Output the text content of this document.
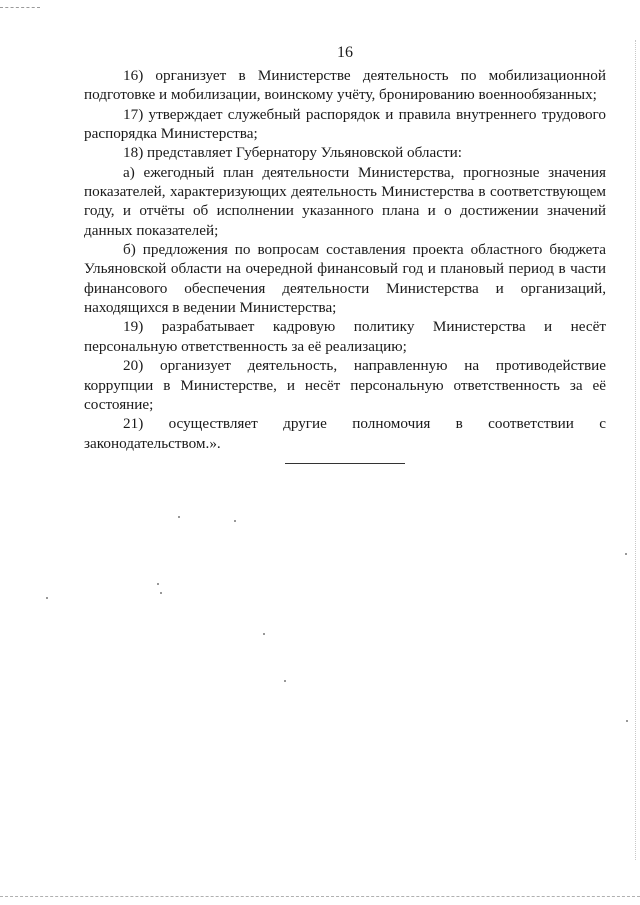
16

16) организует в Министерстве деятельность по мобилизационной подготовке и мобилизации, воинскому учёту, бронированию военнообязанных;

17) утверждает служебный распорядок и правила внутреннего трудового распорядка Министерства;

18) представляет Губернатору Ульяновской области:

а) ежегодный план деятельности Министерства, прогнозные значения показателей, характеризующих деятельность Министерства в соответствующем году, и отчёты об исполнении указанного плана и о достижении значений данных показателей;

б) предложения по вопросам составления проекта областного бюджета Ульяновской области на очередной финансовый год и плановый период в части финансового обеспечения деятельности Министерства и организаций, находящихся в ведении Министерства;

19) разрабатывает кадровую политику Министерства и несёт персональную ответственность за её реализацию;

20) организует деятельность, направленную на противодействие коррупции в Министерстве, и несёт персональную ответственность за её состояние;

21) осуществляет другие полномочия в соответствии с законодательством.».
